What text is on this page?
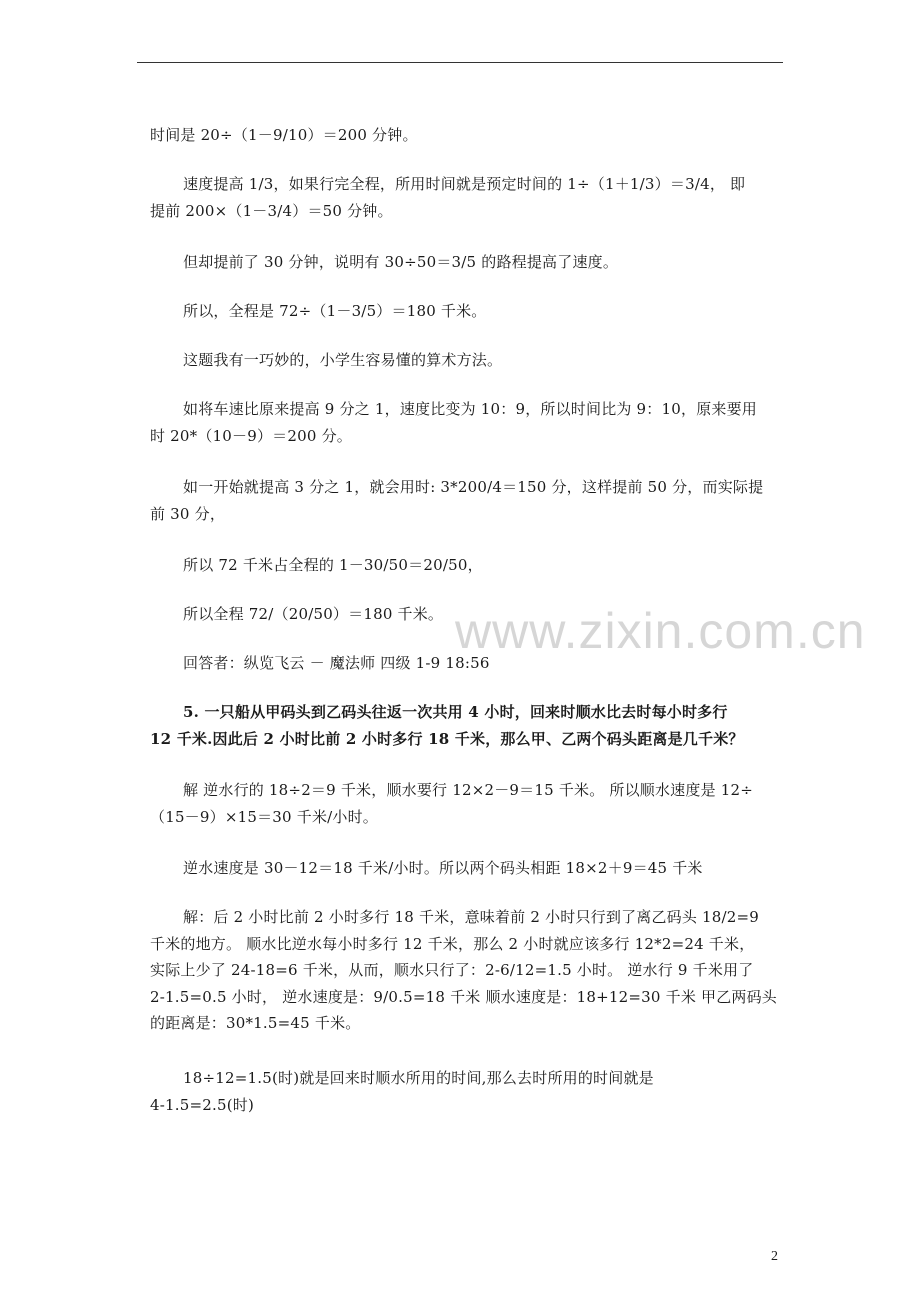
www.zixin.com.cn

时间是 20÷（1－9/10）＝200 分钟。

速度提高 1/3，如果行完全程，所用时间就是预定时间的 1÷（1＋1/3）＝3/4， 即
提前 200×（1－3/4）＝50 分钟。

但却提前了 30 分钟，说明有 30÷50＝3/5 的路程提高了速度。

所以，全程是 72÷（1－3/5）＝180 千米。

这题我有一巧妙的，小学生容易懂的算术方法。

如将车速比原来提高 9 分之 1，速度比变为 10：9，所以时间比为 9：10，原来要用
时 20*（10－9）＝200 分。

如一开始就提高 3 分之 1，就会用时: 3*200/4＝150 分，这样提前 50 分，而实际提
前 30 分，

所以 72 千米占全程的 1－30/50＝20/50，

所以全程 72/（20/50）＝180 千米。

回答者：纵览飞云 － 魔法师 四级 1-9 18:56

5. 一只船从甲码头到乙码头往返一次共用 4 小时，回来时顺水比去时每小时多行
12 千米.因此后 2 小时比前 2 小时多行 18 千米，那么甲、乙两个码头距离是几千米？

解 逆水行的 18÷2＝9 千米，顺水要行 12×2－9＝15 千米。 所以顺水速度是 12÷
（15－9）×15＝30 千米/小时。

逆水速度是 30－12＝18 千米/小时。所以两个码头相距 18×2＋9＝45 千米

解：后 2 小时比前 2 小时多行 18 千米，意味着前 2 小时只行到了离乙码头 18/2=9
千米的地方。 顺水比逆水每小时多行 12 千米，那么 2 小时就应该多行 12*2=24 千米，
实际上少了 24-18=6 千米，从而，顺水只行了：2-6/12=1.5 小时。 逆水行 9 千米用了
2-1.5=0.5 小时， 逆水速度是：9/0.5=18 千米 顺水速度是：18+12=30 千米 甲乙两码头
的距离是：30*1.5=45 千米。

18÷12=1.5(时)就是回来时顺水所用的时间,那么去时所用的时间就是
4-1.5=2.5(时)

2
